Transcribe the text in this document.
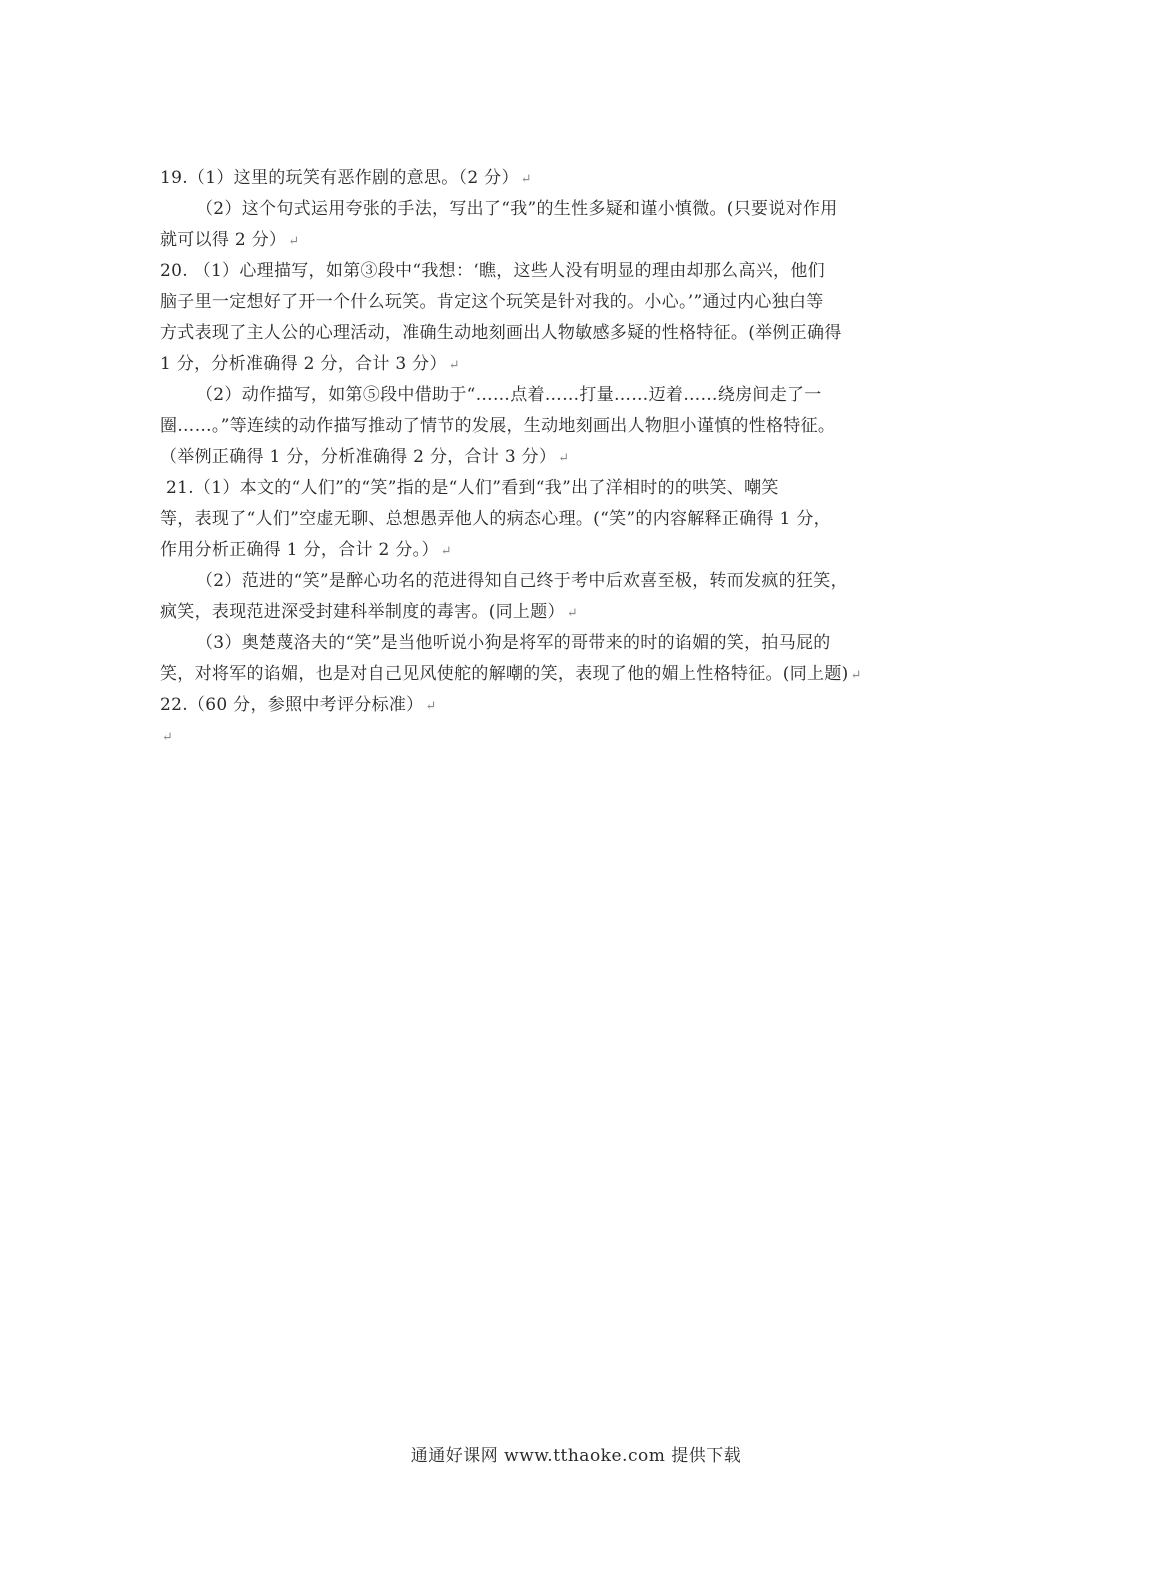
19.（1）这里的玩笑有恶作剧的意思。（2 分） ↵
（2）这个句式运用夸张的手法，写出了“我”的生性多疑和谨小慎微。(只要说对作用
就可以得 2 分） ↵
20. （1）心理描写，如第③段中“我想：‘瞧，这些人没有明显的理由却那么高兴，他们
脑子里一定想好了开一个什么玩笑。肯定这个玩笑是针对我的。小心。’”通过内心独白等
方式表现了主人公的心理活动，准确生动地刻画出人物敏感多疑的性格特征。(举例正确得
1 分，分析准确得 2 分，合计 3 分） ↵
（2）动作描写，如第⑤段中借助于“……点着……打量……迈着……绕房间走了一
圈……。”等连续的动作描写推动了情节的发展，生动地刻画出人物胆小谨慎的性格特征。
（举例正确得 1 分，分析准确得 2 分，合计 3 分） ↵
21.（1）本文的“人们”的“笑”指的是“人们”看到“我”出了洋相时的的哄笑、嘲笑
等，表现了“人们”空虚无聊、总想愚弄他人的病态心理。(“笑”的内容解释正确得 1 分，
作用分析正确得 1 分，合计 2 分。） ↵
（2）范进的“笑”是醉心功名的范进得知自己终于考中后欢喜至极，转而发疯的狂笑，
疯笑，表现范进深受封建科举制度的毒害。(同上题） ↵
（3）奥楚蔑洛夫的“笑”是当他听说小狗是将军的哥带来的时的谄媚的笑，拍马屁的
笑，对将军的谄媚，也是对自己见风使舵的解嘲的笑，表现了他的媚上性格特征。(同上题) ↵
22.（60 分，参照中考评分标准） ↵
↵
通通好课网 www.tthaoke.com 提供下载
